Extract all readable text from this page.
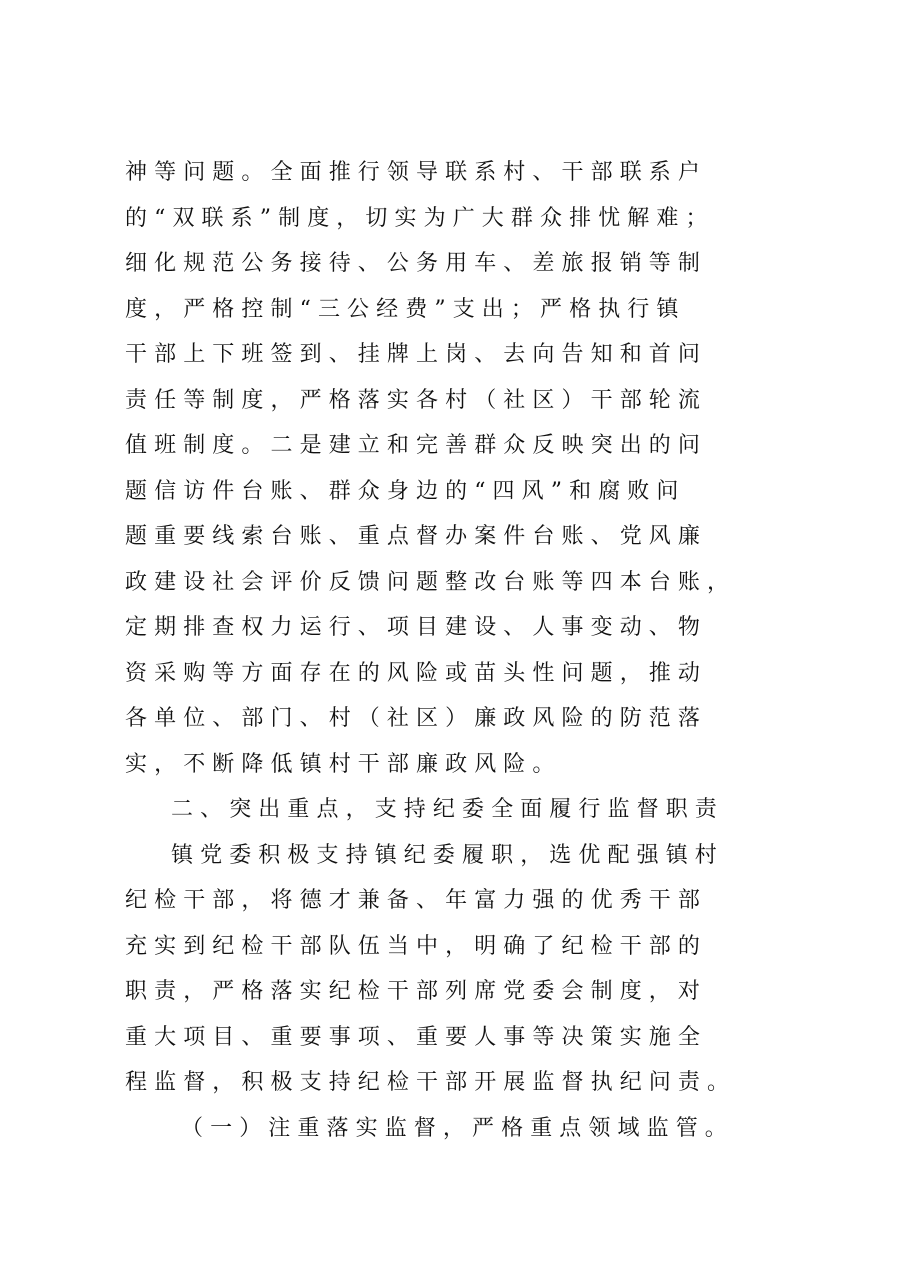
神等问题。全面推行领导联系村、干部联系户
的“双联系”制度，切实为广大群众排忧解难；
细化规范公务接待、公务用车、差旅报销等制
度，严格控制“三公经费”支出；严格执行镇
干部上下班签到、挂牌上岗、去向告知和首问
责任等制度，严格落实各村（社区）干部轮流
值班制度。二是建立和完善群众反映突出的问
题信访件台账、群众身边的“四风”和腐败问
题重要线索台账、重点督办案件台账、党风廉
政建设社会评价反馈问题整改台账等四本台账，
定期排查权力运行、项目建设、人事变动、物
资采购等方面存在的风险或苗头性问题，推动
各单位、部门、村（社区）廉政风险的防范落
实，不断降低镇村干部廉政风险。
二、突出重点，支持纪委全面履行监督职责
镇党委积极支持镇纪委履职，选优配强镇村
纪检干部，将德才兼备、年富力强的优秀干部
充实到纪检干部队伍当中，明确了纪检干部的
职责，严格落实纪检干部列席党委会制度，对
重大项目、重要事项、重要人事等决策实施全
程监督，积极支持纪检干部开展监督执纪问责。
（一）注重落实监督，严格重点领域监管。
